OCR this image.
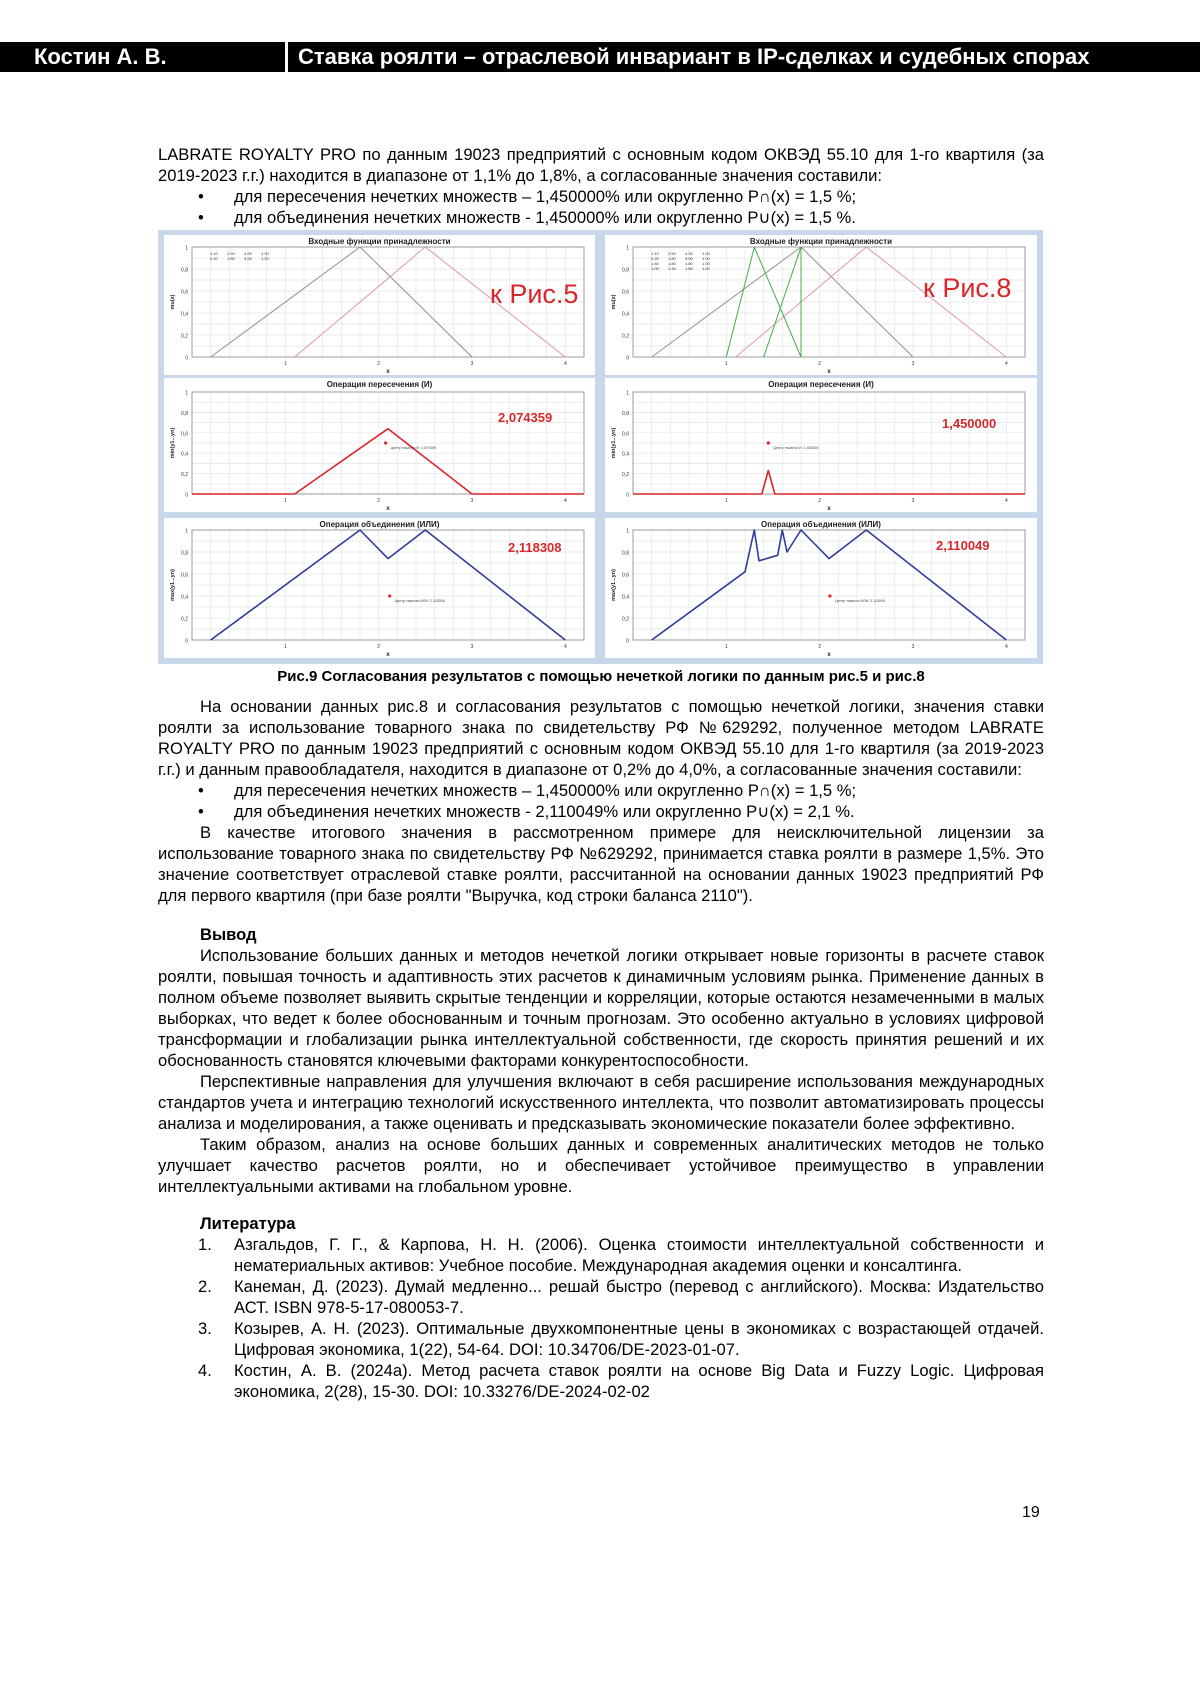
Костин А. В.	Ставка роялти – отраслевой инвариант в IP-сделках и судебных спорах

LABRATE ROYALTY PRO по данным 19023 предприятий с основным кодом ОКВЭД 55.10 для 1-го квартиля (за 2019-2023 г.г.) находится в диапазоне от 1,1% до 1,8%, а согласованные значения составили:

• для пересечения нечетких множеств – 1,450000% или округленно P∩(x) = 1,5 %;

• для объединения нечетких множеств - 1,450000% или округленно P∪(x) = 1,5 %.

Входные функции принадлежности
0
0,2
0,4
0,6
0,8
1
1	2	3	4
x
mu(x)
1.10 2.50 4.00 1.00
0.20 1.80 3.00 1.00
к Рис.5
Входные функции принадлежности
0
0,2
0,4
0,6
0,8
1
1	2	3	4
x
mu(x)
1.10 2.50 4.00 1.00
0.20 1.80 3.00 1.00
1.40 1.80 1.80 1.00
1.00 1.30 1.80 1.00
к Рис.8
Операция пересечения (И)
0
0,2
0,4
0,6
0,8
1
1	2	3	4
x
min(y1...yn)	Центр тяжести И: 2.074359
2,074359
Операция пересечения (И)
0
0,2
0,4
0,6
0,8
1
1	2	3	4
x
min(y1...yn)	Центр тяжести И: 1.450000
1,450000
Операция объединения (ИЛИ)
0
0,2
0,4
0,6
0,8
1
1	2	3	4
x
max(y1...yn)
Центр тяжести ИЛИ: 2.118308
2,118308
Операция объединения (ИЛИ)
0
0,2
0,4
0,6
0,8
1
1	2	3	4
x
max(y1...yn)
Центр тяжести ИЛИ: 2.110049
2,110049
Рис.9 Согласования результатов с помощью нечеткой логики по данным рис.5 и рис.8

На основании данных рис.8 и согласования результатов с помощью нечеткой логики, значения ставки роялти за использование товарного знака по свидетельству РФ №629292, полученное методом LABRATE ROYALTY PRO по данным 19023 предприятий с основным кодом ОКВЭД 55.10 для 1-го квартиля (за 2019-2023 г.г.) и данным правообладателя, находится в диапазоне от 0,2% до 4,0%, а согласованные значения составили:

• для пересечения нечетких множеств – 1,450000% или округленно P∩(x) = 1,5 %;

• для объединения нечетких множеств - 2,110049% или округленно P∪(x) = 2,1 %.

В качестве итогового значения в рассмотренном примере для неисключительной лицензии за использование товарного знака по свидетельству РФ №629292, принимается ставка роялти в размере 1,5%. Это значение соответствует отраслевой ставке роялти, рассчитанной на основании данных 19023 предприятий РФ для первого квартиля (при базе роялти "Выручка, код строки баланса 2110").

Вывод

Использование больших данных и методов нечеткой логики открывает новые горизонты в расчете ставок роялти, повышая точность и адаптивность этих расчетов к динамичным условиям рынка. Применение данных в полном объеме позволяет выявить скрытые тенденции и корреляции, которые остаются незамеченными в малых выборках, что ведет к более обоснованным и точным прогнозам. Это особенно актуально в условиях цифровой трансформации и глобализации рынка интеллектуальной собственности, где скорость принятия решений и их обоснованность становятся ключевыми факторами конкурентоспособности.

Перспективные направления для улучшения включают в себя расширение использования международных стандартов учета и интеграцию технологий искусственного интеллекта, что позволит автоматизировать процессы анализа и моделирования, а также оценивать и предсказывать экономические показатели более эффективно.

Таким образом, анализ на основе больших данных и современных аналитических методов не только улучшает качество расчетов роялти, но и обеспечивает устойчивое преимущество в управлении интеллектуальными активами на глобальном уровне.

Литература

1. Азгальдов, Г. Г., & Карпова, Н. Н. (2006). Оценка стоимости интеллектуальной собственности и нематериальных активов: Учебное пособие. Международная академия оценки и консалтинга.

2. Канеман, Д. (2023). Думай медленно... решай быстро (перевод с английского). Москва: Издательство АСТ. ISBN 978-5-17-080053-7.

3. Козырев, А. Н. (2023). Оптимальные двухкомпонентные цены в экономиках с возрастающей отдачей. Цифровая экономика, 1(22), 54-64. DOI: 10.34706/DE-2023-01-07.

4. Костин, А. В. (2024a). Метод расчета ставок роялти на основе Big Data и Fuzzy Logic. Цифровая экономика, 2(28), 15-30. DOI: 10.33276/DE-2024-02-02

19
